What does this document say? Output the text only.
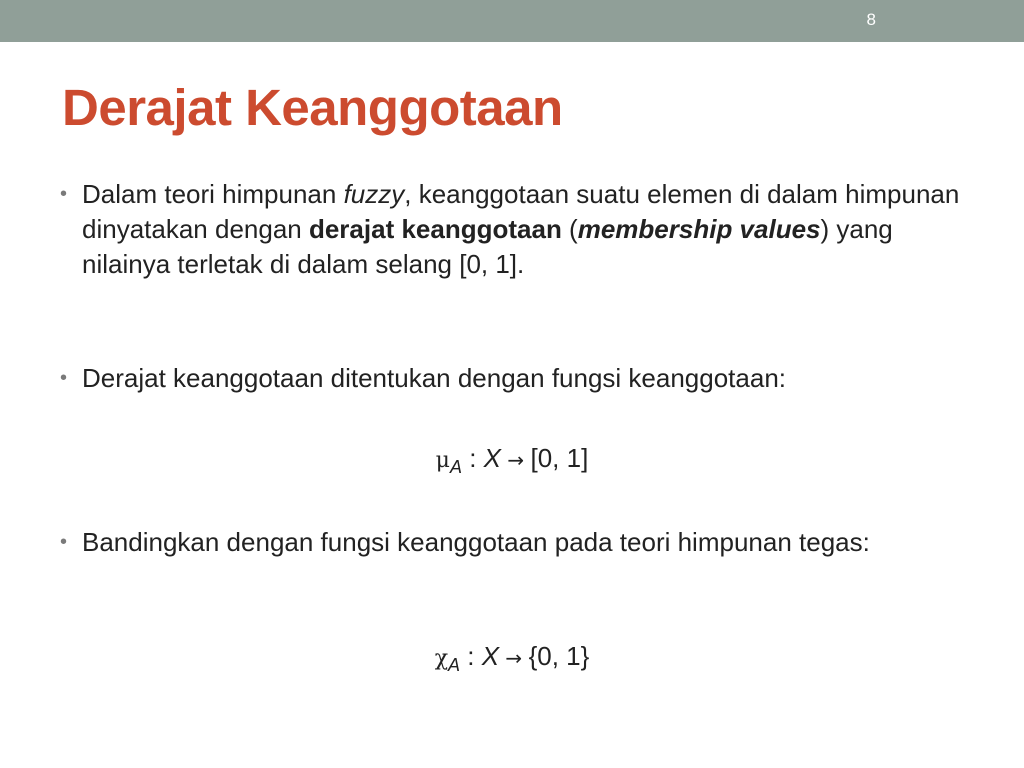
8
Derajat Keanggotaan
• Dalam teori himpunan fuzzy, keanggotaan suatu elemen di dalam himpunan dinyatakan dengan derajat keanggotaan (membership values) yang nilainya terletak di dalam selang [0, 1].
• Derajat keanggotaan ditentukan dengan fungsi keanggotaan:
$\mu_A$ : X → [0, 1]
• Bandingkan dengan fungsi keanggotaan pada teori himpunan tegas:
$\chi_A$ : X → {0, 1}
